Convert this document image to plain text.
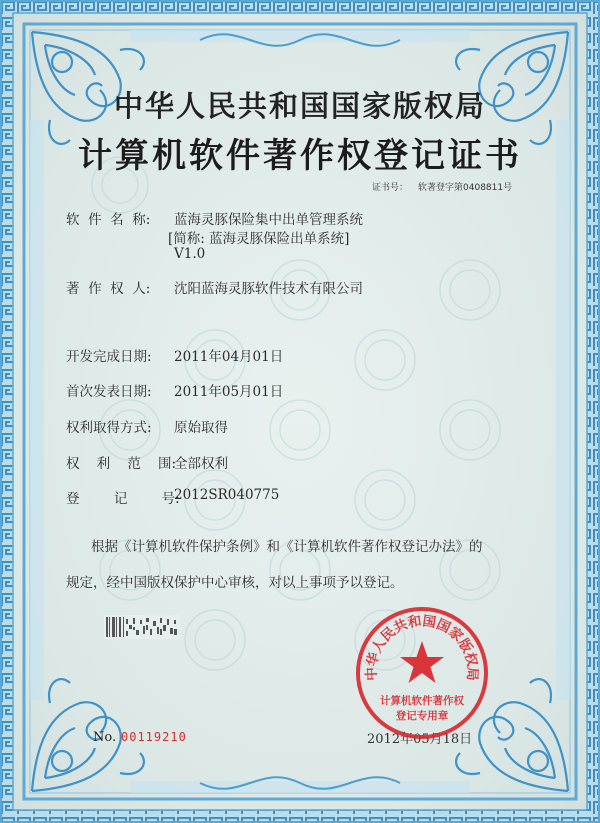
中华人民共和国国家版权局
计算机软件著作权登记证书
证书号： 软著登字第0408811号
软  件  名  称: 蓝海灵豚保险集中出单管理系统
[简称: 蓝海灵豚保险出单系统]
V1.0
著  作  权  人: 沈阳蓝海灵豚软件技术有限公司
开发完成日期: 2011年04月01日
首次发表日期: 2011年05月01日
权利取得方式: 原始取得
权    利    范    围:
全部权利
登        记        号:
2012SR040775
根据《计算机软件保护条例》和《计算机软件著作权登记办法》的
规定，经中国版权保护中心审核，对以上事项予以登记。
No. 00119210	2012年05月18日
中华人民共和国国家版权局
计算机软件著作权
登记专用章
